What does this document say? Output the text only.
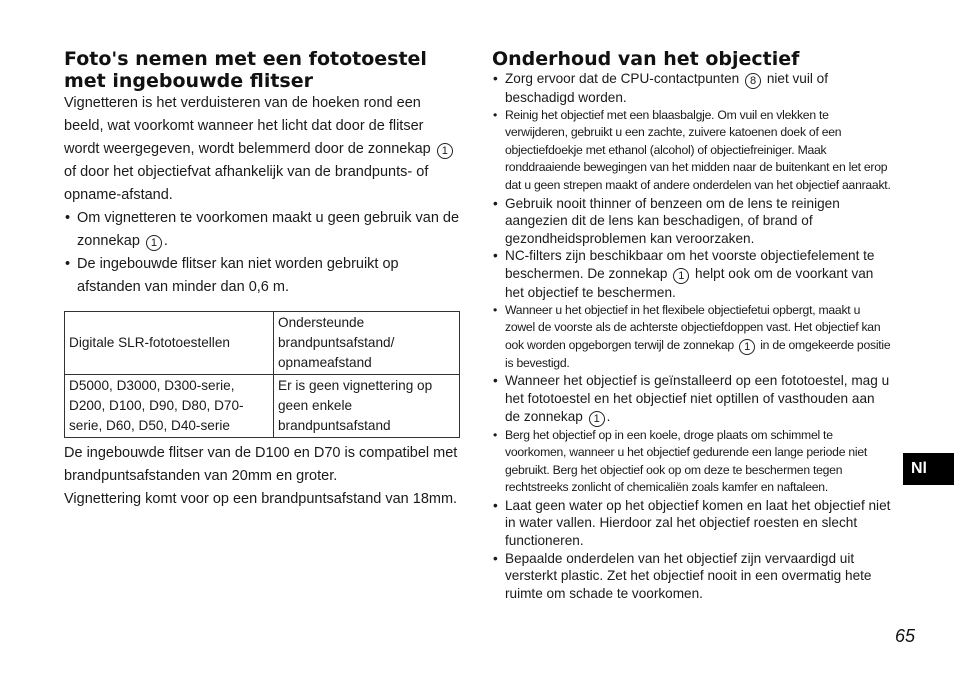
Foto's nemen met een fototoestel met ingebouwde flitser

Vignetteren is het verduisteren van de hoeken rond een beeld, wat voorkomt wanneer het licht dat door de flitser wordt weergegeven, wordt belemmerd door de zonnekap 1 of door het objectiefvat afhankelijk van de brandpunts- of opname-afstand.

• Om vignetteren te voorkomen maakt u geen gebruik van de zonnekap 1 .
• De ingebouwde flitser kan niet worden gebruikt op afstanden van minder dan 0,6 m.
Digitale SLR-fototoestellen	Ondersteunde brandpuntsafstand/ opnameafstand
D5000, D3000, D300-serie, D200, D100, D90, D80, D70-serie, D60, D50, D40-serie	Er is geen vignettering op geen enkele brandpuntsafstand

De ingebouwde flitser van de D100 en D70 is compatibel met brandpuntsafstanden van 20mm en groter.

Vignettering komt voor op een brandpuntsafstand van 18mm.

Onderhoud van het objectief
• Zorg ervoor dat de CPU-contactpunten 8 niet vuil of beschadigd worden.
• Reinig het objectief met een blaasbalgje. Om vuil en vlekken te verwijderen, gebruikt u een zachte, zuivere katoenen doek of een objectiefdoekje met ethanol (alcohol) of objectiefreiniger. Maak ronddraaiende bewegingen van het midden naar de buitenkant en let erop dat u geen strepen maakt of andere onderdelen van het objectief aanraakt.
• Gebruik nooit thinner of benzeen om de lens te reinigen aangezien dit de lens kan beschadigen, of brand of gezondheidsproblemen kan veroorzaken.
• NC-filters zijn beschikbaar om het voorste objectiefelement te beschermen. De zonnekap 1 helpt ook om de voorkant van het objectief te beschermen.
• Wanneer u het objectief in het flexibele objectiefetui opbergt, maakt u zowel de voorste als de achterste objectiefdoppen vast. Het objectief kan ook worden opgeborgen terwijl de zonnekap 1 in de omgekeerde positie is bevestigd.
• Wanneer het objectief is geïnstalleerd op een fototoestel, mag u het fototoestel en het objectief niet optillen of vasthouden aan de zonnekap 1 .
• Berg het objectief op in een koele, droge plaats om schimmel te voorkomen, wanneer u het objectief gedurende een lange periode niet gebruikt. Berg het objectief ook op om deze te beschermen tegen rechtstreeks zonlicht of chemicaliën zoals kamfer en naftaleen.
• Laat geen water op het objectief komen en laat het objectief niet in water vallen. Hierdoor zal het objectief roesten en slecht functioneren.
• Bepaalde onderdelen van het objectief zijn vervaardigd uit versterkt plastic. Zet het objectief nooit in een overmatig hete ruimte om schade te voorkomen.
Nl
65
